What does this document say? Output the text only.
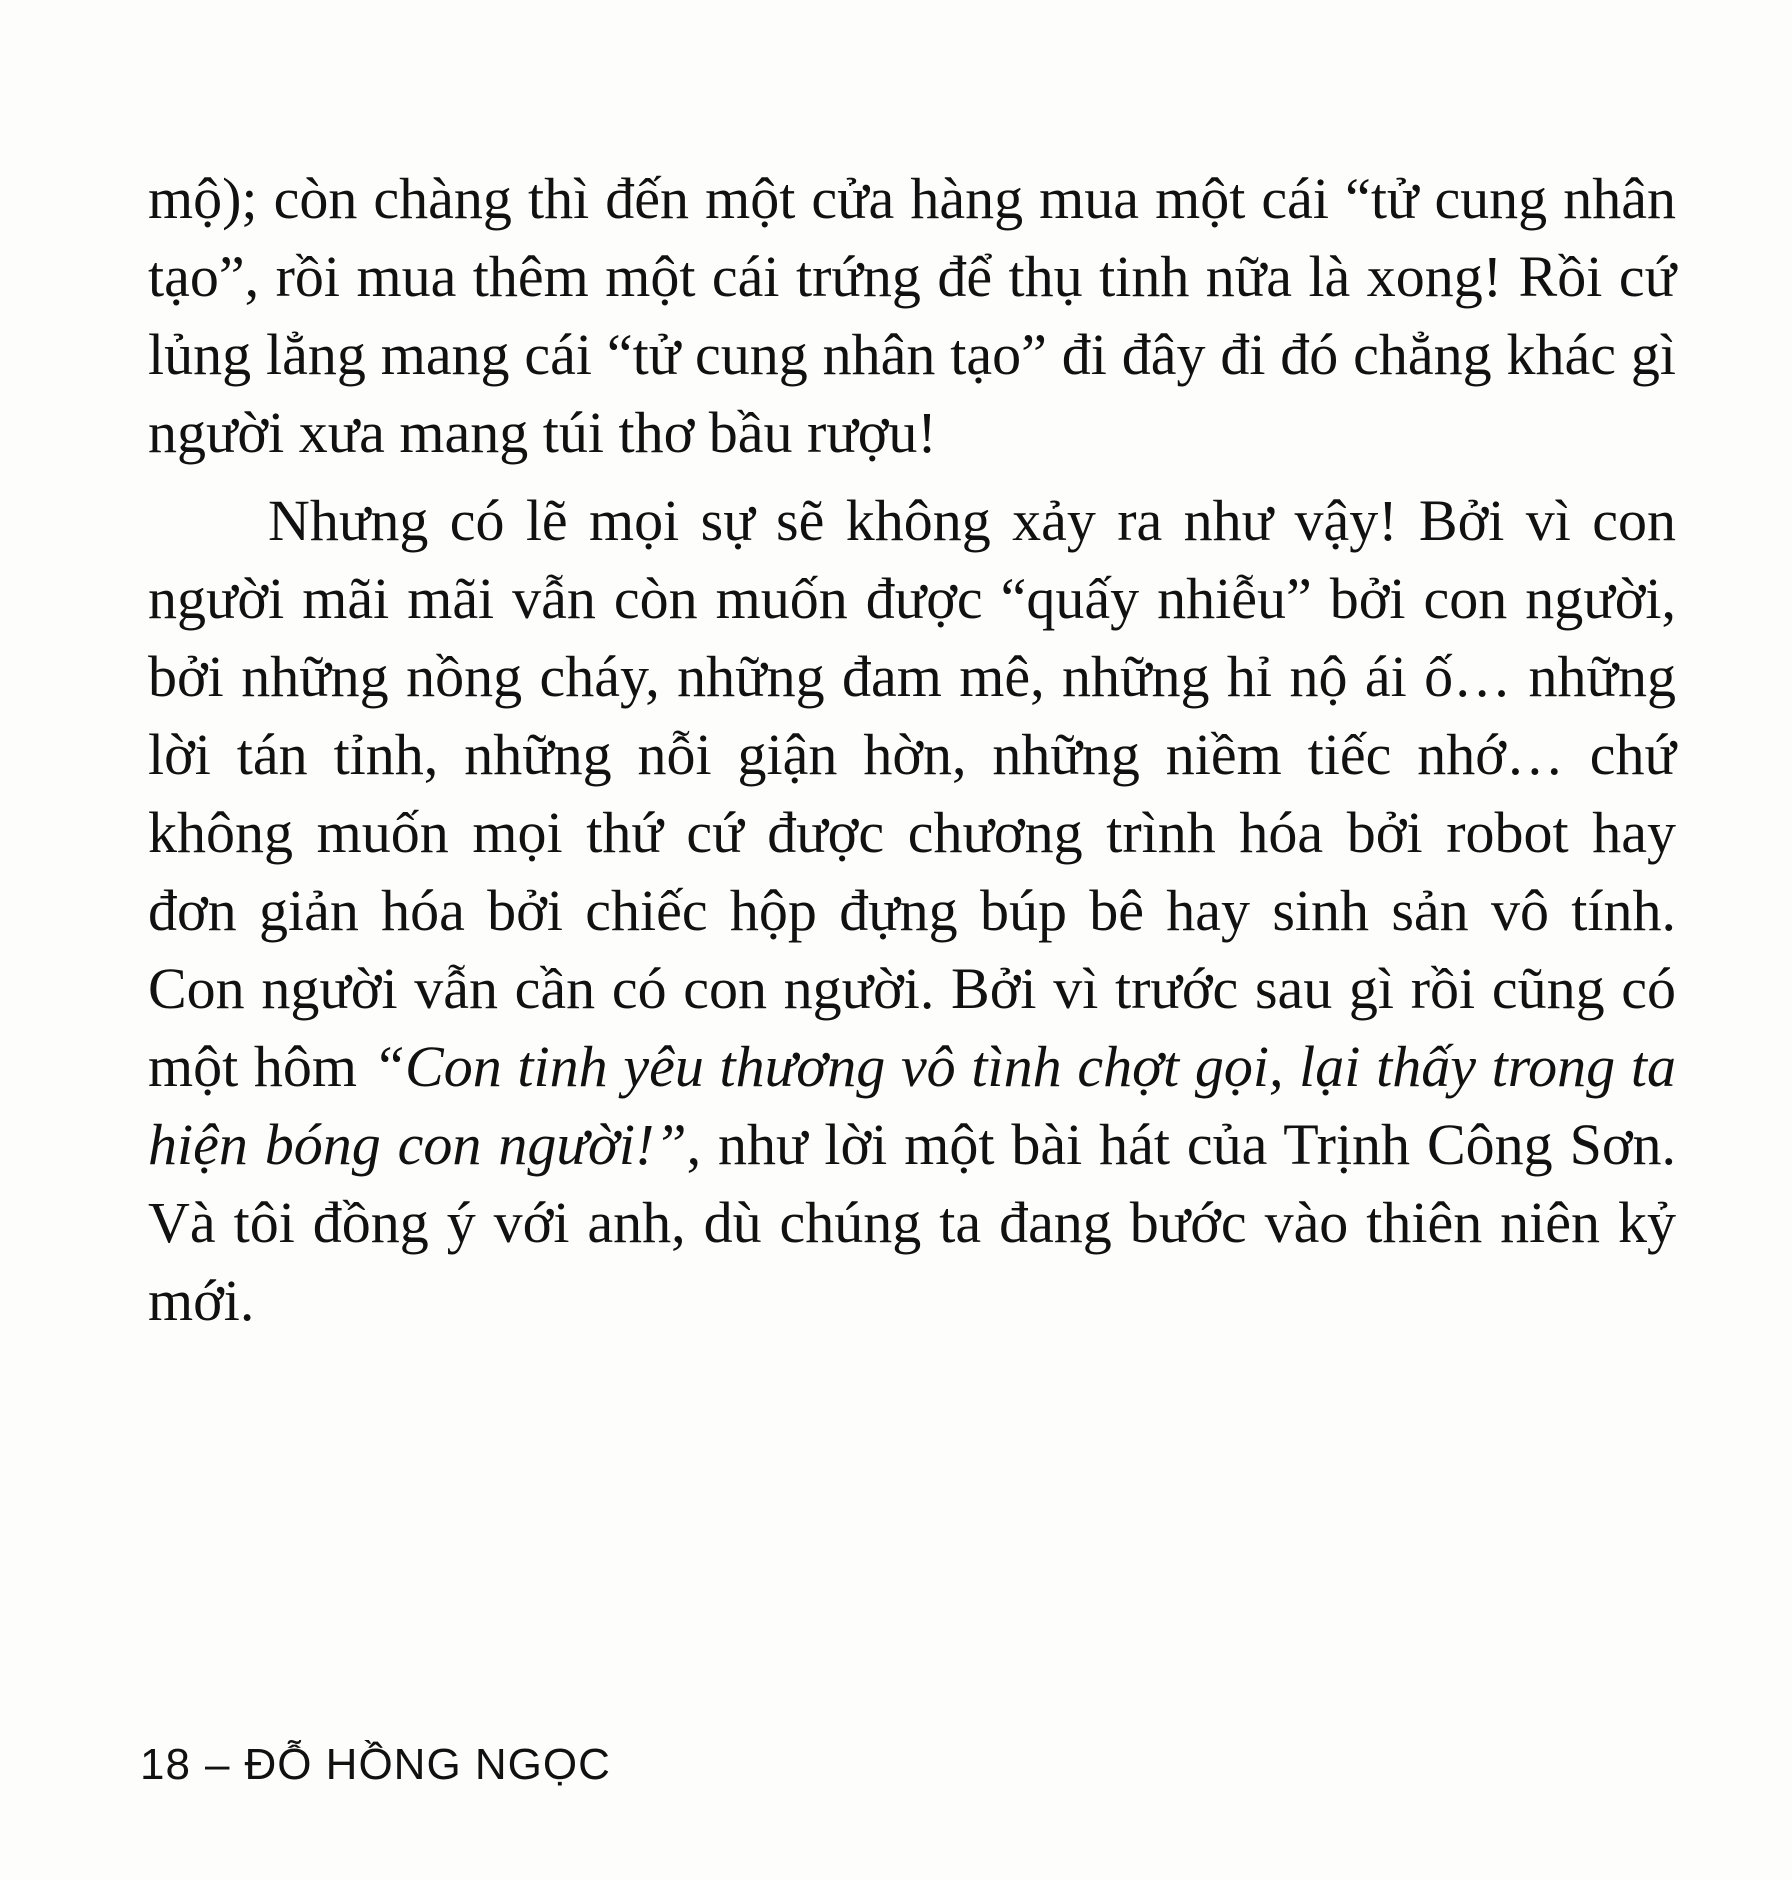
mộ); còn chàng thì đến một cửa hàng mua một cái “tử cung nhân tạo”, rồi mua thêm một cái trứng để thụ tinh nữa là xong! Rồi cứ lủng lẳng mang cái “tử cung nhân tạo” đi đây đi đó chẳng khác gì người xưa mang túi thơ bầu rượu!

Nhưng có lẽ mọi sự sẽ không xảy ra như vậy! Bởi vì con người mãi mãi vẫn còn muốn được “quấy nhiễu” bởi con người, bởi những nồng cháy, những đam mê, những hỉ nộ ái ố… những lời tán tỉnh, những nỗi giận hờn, những niềm tiếc nhớ… chứ không muốn mọi thứ cứ được chương trình hóa bởi robot hay đơn giản hóa bởi chiếc hộp đựng búp bê hay sinh sản vô tính. Con người vẫn cần có con người. Bởi vì trước sau gì rồi cũng có một hôm “Con tinh yêu thương vô tình chợt gọi, lại thấy trong ta hiện bóng con người!”, như lời một bài hát của Trịnh Công Sơn. Và tôi đồng ý với anh, dù chúng ta đang bước vào thiên niên kỷ mới.

18 – ĐỖ HỒNG NGỌC
